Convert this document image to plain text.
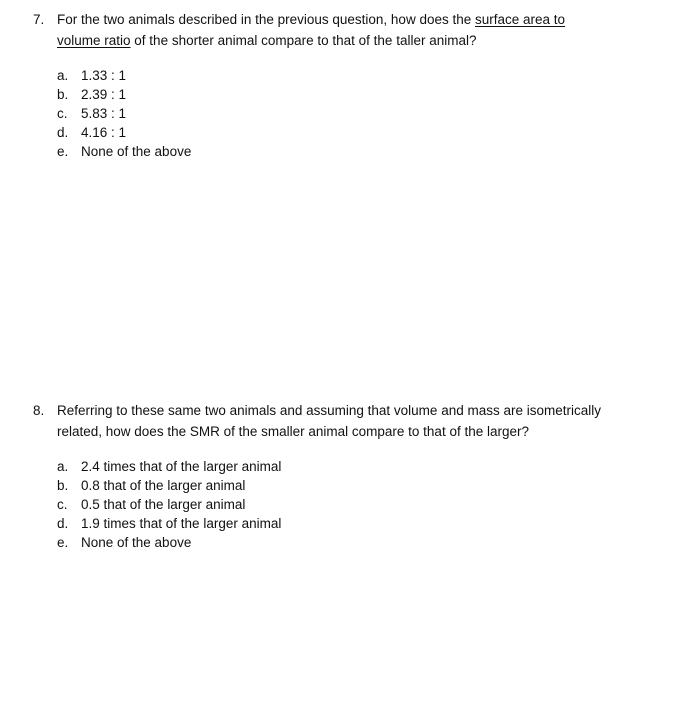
7. For the two animals described in the previous question, how does the surface area to
volume ratio of the shorter animal compare to that of the taller animal?
a. 1.33 : 1
b. 2.39 : 1
c. 5.83 : 1
d. 4.16 : 1
e. None of the above
8. Referring to these same two animals and assuming that volume and mass are isometrically
related, how does the SMR of the smaller animal compare to that of the larger?
a. 2.4 times that of the larger animal
b. 0.8 that of the larger animal
c. 0.5 that of the larger animal
d. 1.9 times that of the larger animal
e. None of the above
